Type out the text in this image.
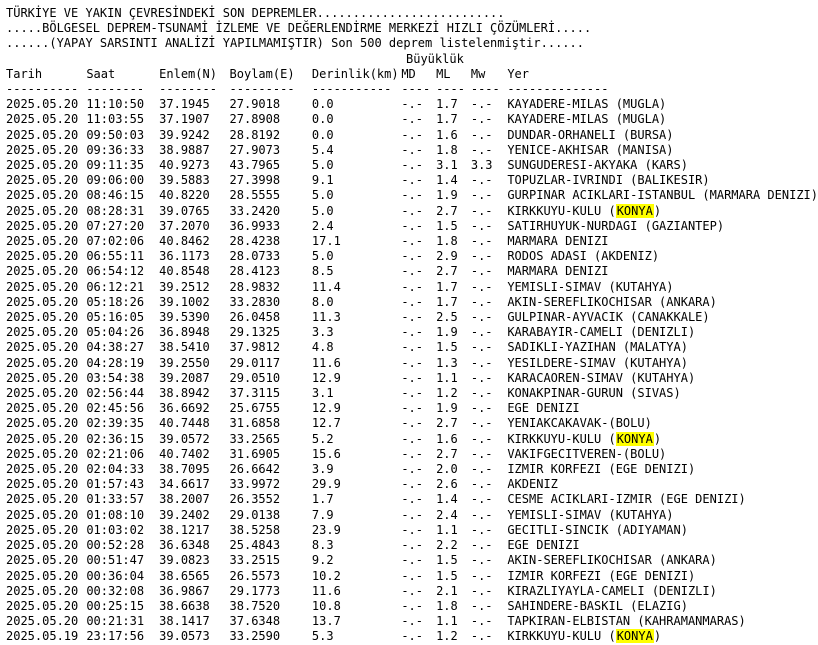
TÜRKİYE VE YAKIN ÇEVRESİNDEKİ SON DEPREMLER..........................
.....BÖLGESEL DEPREM-TSUNAMİ İZLEME VE DEĞERLENDİRME MERKEZİ HIZLI ÇÖZÜMLERİ.....
......(YAPAY SARSINTI ANALİZİ YAPILMAMIŞTIR) Son 500 deprem listelenmiştir......
Büyüklük
Tarih	Saat	Enlem(N)	Boylam(E)	Derinlik(km)	MD	ML	Mw	Yer
----------	--------	--------	---------	-----------	----	----	----	--------------
2025.05.20	11:10:50	37.1945	27.9018	0.0	-.-	1.7	-.-	KAYADERE-MILAS (MUGLA)
2025.05.20	11:03:55	37.1907	27.8908	0.0	-.-	1.7	-.-	KAYADERE-MILAS (MUGLA)
2025.05.20	09:50:03	39.9242	28.8192	0.0	-.-	1.6	-.-	DUNDAR-ORHANELI (BURSA)
2025.05.20	09:36:33	38.9887	27.9073	5.4	-.-	1.8	-.-	YENICE-AKHISAR (MANISA)
2025.05.20	09:11:35	40.9273	43.7965	5.0	-.-	3.1	3.3	SUNGUDERESI-AKYAKA (KARS)
2025.05.20	09:06:00	39.5883	27.3998	9.1	-.-	1.4	-.-	TOPUZLAR-IVRINDI (BALIKESIR)
2025.05.20	08:46:15	40.8220	28.5555	5.0	-.-	1.9	-.-	GURPINAR ACIKLARI-ISTANBUL (MARMARA DENIZI)
2025.05.20	08:28:31	39.0765	33.2420	5.0	-.-	2.7	-.-	KIRKKUYU-KULU (KONYA)
2025.05.20	07:27:20	37.2070	36.9933	2.4	-.-	1.5	-.-	SATIRHUYUK-NURDAGI (GAZIANTEP)
2025.05.20	07:02:06	40.8462	28.4238	17.1	-.-	1.8	-.-	MARMARA DENIZI
2025.05.20	06:55:11	36.1173	28.0733	5.0	-.-	2.9	-.-	RODOS ADASI (AKDENIZ)
2025.05.20	06:54:12	40.8548	28.4123	8.5	-.-	2.7	-.-	MARMARA DENIZI
2025.05.20	06:12:21	39.2512	28.9832	11.4	-.-	1.7	-.-	YEMISLI-SIMAV (KUTAHYA)
2025.05.20	05:18:26	39.1002	33.2830	8.0	-.-	1.7	-.-	AKIN-SEREFLIKOCHISAR (ANKARA)
2025.05.20	05:16:05	39.5390	26.0458	11.3	-.-	2.5	-.-	GULPINAR-AYVACIK (CANAKKALE)
2025.05.20	05:04:26	36.8948	29.1325	3.3	-.-	1.9	-.-	KARABAYIR-CAMELI (DENIZLI)
2025.05.20	04:38:27	38.5410	37.9812	4.8	-.-	1.5	-.-	SADIKLI-YAZIHAN (MALATYA)
2025.05.20	04:28:19	39.2550	29.0117	11.6	-.-	1.3	-.-	YESILDERE-SIMAV (KUTAHYA)
2025.05.20	03:54:38	39.2087	29.0510	12.9	-.-	1.1	-.-	KARACAOREN-SIMAV (KUTAHYA)
2025.05.20	02:56:44	38.8942	37.3115	3.1	-.-	1.2	-.-	KONAKPINAR-GURUN (SIVAS)
2025.05.20	02:45:56	36.6692	25.6755	12.9	-.-	1.9	-.-	EGE DENIZI
2025.05.20	02:39:35	40.7448	31.6858	12.7	-.-	2.7	-.-	YENIAKCAKAVAK-(BOLU)
2025.05.20	02:36:15	39.0572	33.2565	5.2	-.-	1.6	-.-	KIRKKUYU-KULU (KONYA)
2025.05.20	02:21:06	40.7402	31.6905	15.6	-.-	2.7	-.-	VAKIFGECITVEREN-(BOLU)
2025.05.20	02:04:33	38.7095	26.6642	3.9	-.-	2.0	-.-	IZMIR KORFEZI (EGE DENIZI)
2025.05.20	01:57:43	34.6617	33.9972	29.9	-.-	2.6	-.-	AKDENIZ
2025.05.20	01:33:57	38.2007	26.3552	1.7	-.-	1.4	-.-	CESME ACIKLARI-IZMIR (EGE DENIZI)
2025.05.20	01:08:10	39.2402	29.0138	7.9	-.-	2.4	-.-	YEMISLI-SIMAV (KUTAHYA)
2025.05.20	01:03:02	38.1217	38.5258	23.9	-.-	1.1	-.-	GECITLI-SINCIK (ADIYAMAN)
2025.05.20	00:52:28	36.6348	25.4843	8.3	-.-	2.2	-.-	EGE DENIZI
2025.05.20	00:51:47	39.0823	33.2515	9.2	-.-	1.5	-.-	AKIN-SEREFLIKOCHISAR (ANKARA)
2025.05.20	00:36:04	38.6565	26.5573	10.2	-.-	1.5	-.-	IZMIR KORFEZI (EGE DENIZI)
2025.05.20	00:32:08	36.9867	29.1773	11.6	-.-	2.1	-.-	KIRAZLIYAYLA-CAMELI (DENIZLI)
2025.05.20	00:25:15	38.6638	38.7520	10.8	-.-	1.8	-.-	SAHINDERE-BASKIL (ELAZIG)
2025.05.20	00:21:31	38.1417	37.6348	13.7	-.-	1.1	-.-	TAPKIRAN-ELBISTAN (KAHRAMANMARAS)
2025.05.19	23:17:56	39.0573	33.2590	5.3	-.-	1.2	-.-	KIRKKUYU-KULU (KONYA)
